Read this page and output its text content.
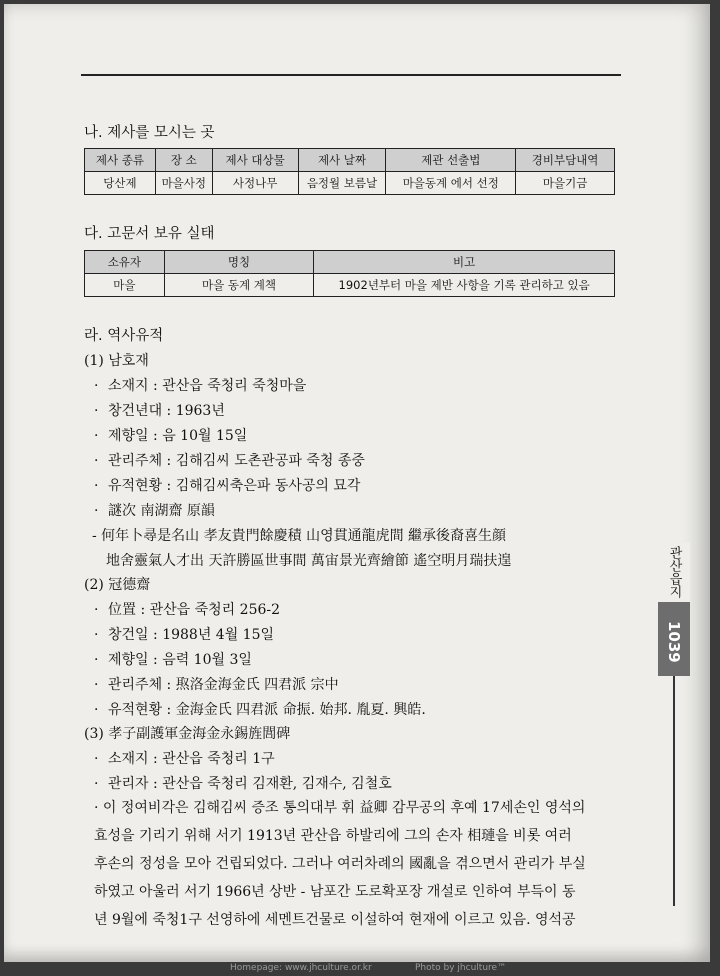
나. 제사를 모시는 곳
제사 종류	장 소	제사 대상물	제사 날짜	제관 선출법	경비부담내역
당산제	마을사정	사정나무	음정월 보름날	마을동계 에서 선정	마을기금
다. 고문서 보유 실태
소유자	명칭	비고
마을	마을 동계 계책	1902년부터 마을 제반 사항을 기록 관리하고 있음
라. 역사유적
(1) 남호재
· 소재지 : 관산읍 죽청리 죽청마을
· 창건년대 : 1963년
· 제향일 : 음 10월 15일
· 관리주체 : 김해김씨 도촌관공파 죽청 종중
· 유적현황 : 김해김씨축은파 동사공의 묘각
· 謎次 南湖齋 原韻
- 何年卜尋是名山 孝友貴門餘慶積 山영貫通龍虎間 繼承後裔喜生顔
地舍靈氣人才出 天許勝區世事間 萬宙景光齊繪節 遙空明月瑞扶遑
(2) 冠德齋
· 位置 : 관산읍 죽청리 256-2
· 창건일 : 1988년 4월 15일
· 제향일 : 음력 10월 3일
· 관리주체 : 焣洛金海金氏 四君派 宗中
· 유적현황 : 金海金氏 四君派 命振. 始邦. 胤夏. 興皓.
(3) 孝子副護軍金海金永錫旌閭碑
· 소재지 : 관산읍 죽청리 1구
· 관리자 : 관산읍 죽청리 김재환, 김재수, 김철호
· 이 정여비각은 김해김씨 증조 통의대부 휘 益卿 감무공의 후예 17세손인 영석의
효성을 기리기 위해 서기 1913년 관산읍 하발리에 그의 손자 相璉을 비롯 여러
후손의 정성을 모아 건립되었다. 그러나 여러차례의 國亂을 겪으면서 관리가 부실
하였고 아울러 서기 1966년 상반 - 남포간 도로확포장 개설로 인하여 부득이 동
년 9월에 죽청1구 선영하에 세멘트건물로 이설하여 현재에 이르고 있음. 영석공
관산읍지
1039
Homepage: www.jhculture.or.kr	Photo by jhculture™
